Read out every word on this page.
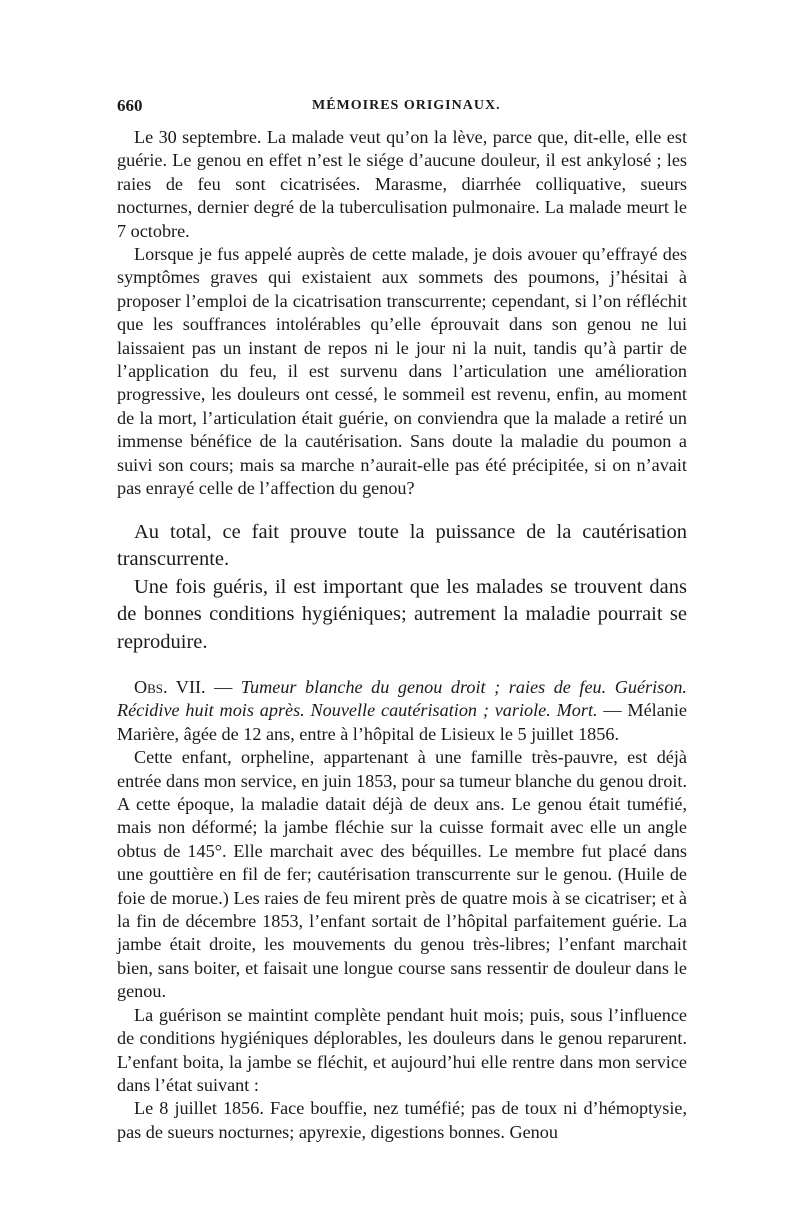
660	MÉMOIRES ORIGINAUX.

Le 30 septembre. La malade veut qu’on la lève, parce que, dit-elle, elle est guérie. Le genou en effet n’est le siége d’aucune douleur, il est ankylosé ; les raies de feu sont cicatrisées. Marasme, diarrhée colliquative, sueurs nocturnes, dernier degré de la tuberculisation pulmonaire. La malade meurt le 7 octobre.

Lorsque je fus appelé auprès de cette malade, je dois avouer qu’effrayé des symptômes graves qui existaient aux sommets des poumons, j’hésitai à proposer l’emploi de la cicatrisation transcurrente; cependant, si l’on réfléchit que les souffrances intolérables qu’elle éprouvait dans son genou ne lui laissaient pas un instant de repos ni le jour ni la nuit, tandis qu’à partir de l’application du feu, il est survenu dans l’articulation une amélioration progressive, les douleurs ont cessé, le sommeil est revenu, enfin, au moment de la mort, l’articulation était guérie, on conviendra que la malade a retiré un immense bénéfice de la cautérisation. Sans doute la maladie du poumon a suivi son cours; mais sa marche n’aurait-elle pas été précipitée, si on n’avait pas enrayé celle de l’affection du genou?

Au total, ce fait prouve toute la puissance de la cautérisation transcurrente.

Une fois guéris, il est important que les malades se trouvent dans de bonnes conditions hygiéniques; autrement la maladie pourrait se reproduire.

Obs. VII. — Tumeur blanche du genou droit ; raies de feu. Guérison. Récidive huit mois après. Nouvelle cautérisation ; variole. Mort. — Mélanie Marière, âgée de 12 ans, entre à l’hôpital de Lisieux le 5 juillet 1856.

Cette enfant, orpheline, appartenant à une famille très-pauvre, est déjà entrée dans mon service, en juin 1853, pour sa tumeur blanche du genou droit. A cette époque, la maladie datait déjà de deux ans. Le genou était tuméfié, mais non déformé; la jambe fléchie sur la cuisse formait avec elle un angle obtus de 145°. Elle marchait avec des béquilles. Le membre fut placé dans une gouttière en fil de fer; cautérisation transcurrente sur le genou. (Huile de foie de morue.) Les raies de feu mirent près de quatre mois à se cicatriser; et à la fin de décembre 1853, l’enfant sortait de l’hôpital parfaitement guérie. La jambe était droite, les mouvements du genou très-libres; l’enfant marchait bien, sans boiter, et faisait une longue course sans ressentir de douleur dans le genou.

La guérison se maintint complète pendant huit mois; puis, sous l’influence de conditions hygiéniques déplorables, les douleurs dans le genou reparurent. L’enfant boita, la jambe se fléchit, et aujourd’hui elle rentre dans mon service dans l’état suivant :

Le 8 juillet 1856. Face bouffie, nez tuméfié; pas de toux ni d’hémoptysie, pas de sueurs nocturnes; apyrexie, digestions bonnes. Genou
